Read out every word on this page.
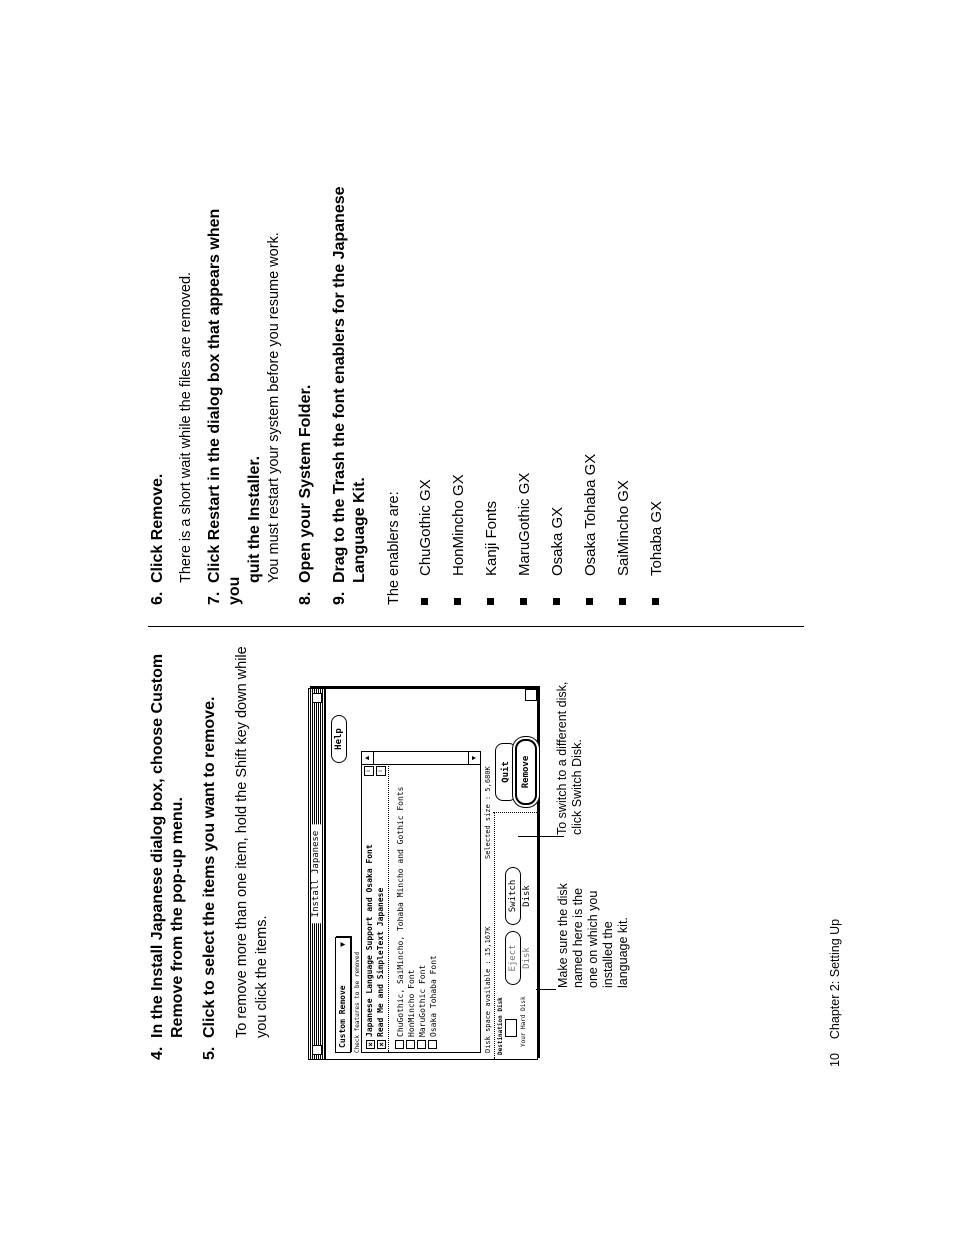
4.In the Install Japanese dialog box, choose Custom Remove from the pop-up menu.
5.Click to select the items you want to remove. To remove more than one item, hold the Shift key down while you click the items.
Install Japanese
Custom Remove
▼
Help
Check features to be removed ×Japanese Language Support and Osaka Font
×Read Me and SimpleText Japanese ChuGothic, SaiMincho, Tohaba Mincho and Gothic Fonts HonMincho Font MaruGothic Font Osaka Tohaba Font
▲	▼
i
i
Disk space available : 15,167K
Selected size : 5,680K
Destination Disk	Your Hard Disk
Eject Disk
Switch Disk
Quit	Remove
Make sure the disk named here is the one on which you installed the language kit.
To switch to a different disk, click Switch Disk.
6.Click Remove. There is a short wait while the files are removed.
7.Click Restart in the dialog box that appears when you
quit the Installer. You must restart your system before you resume work.
8.Open your System Folder.
9.Drag to the Trash the font enablers for the Japanese Language Kit. The enablers are: ChuGothic GX HonMincho GX Kanji Fonts MaruGothic GX Osaka GX Osaka Tohaba GX SaiMincho GX Tohaba GX
10Chapter 2: Setting Up
